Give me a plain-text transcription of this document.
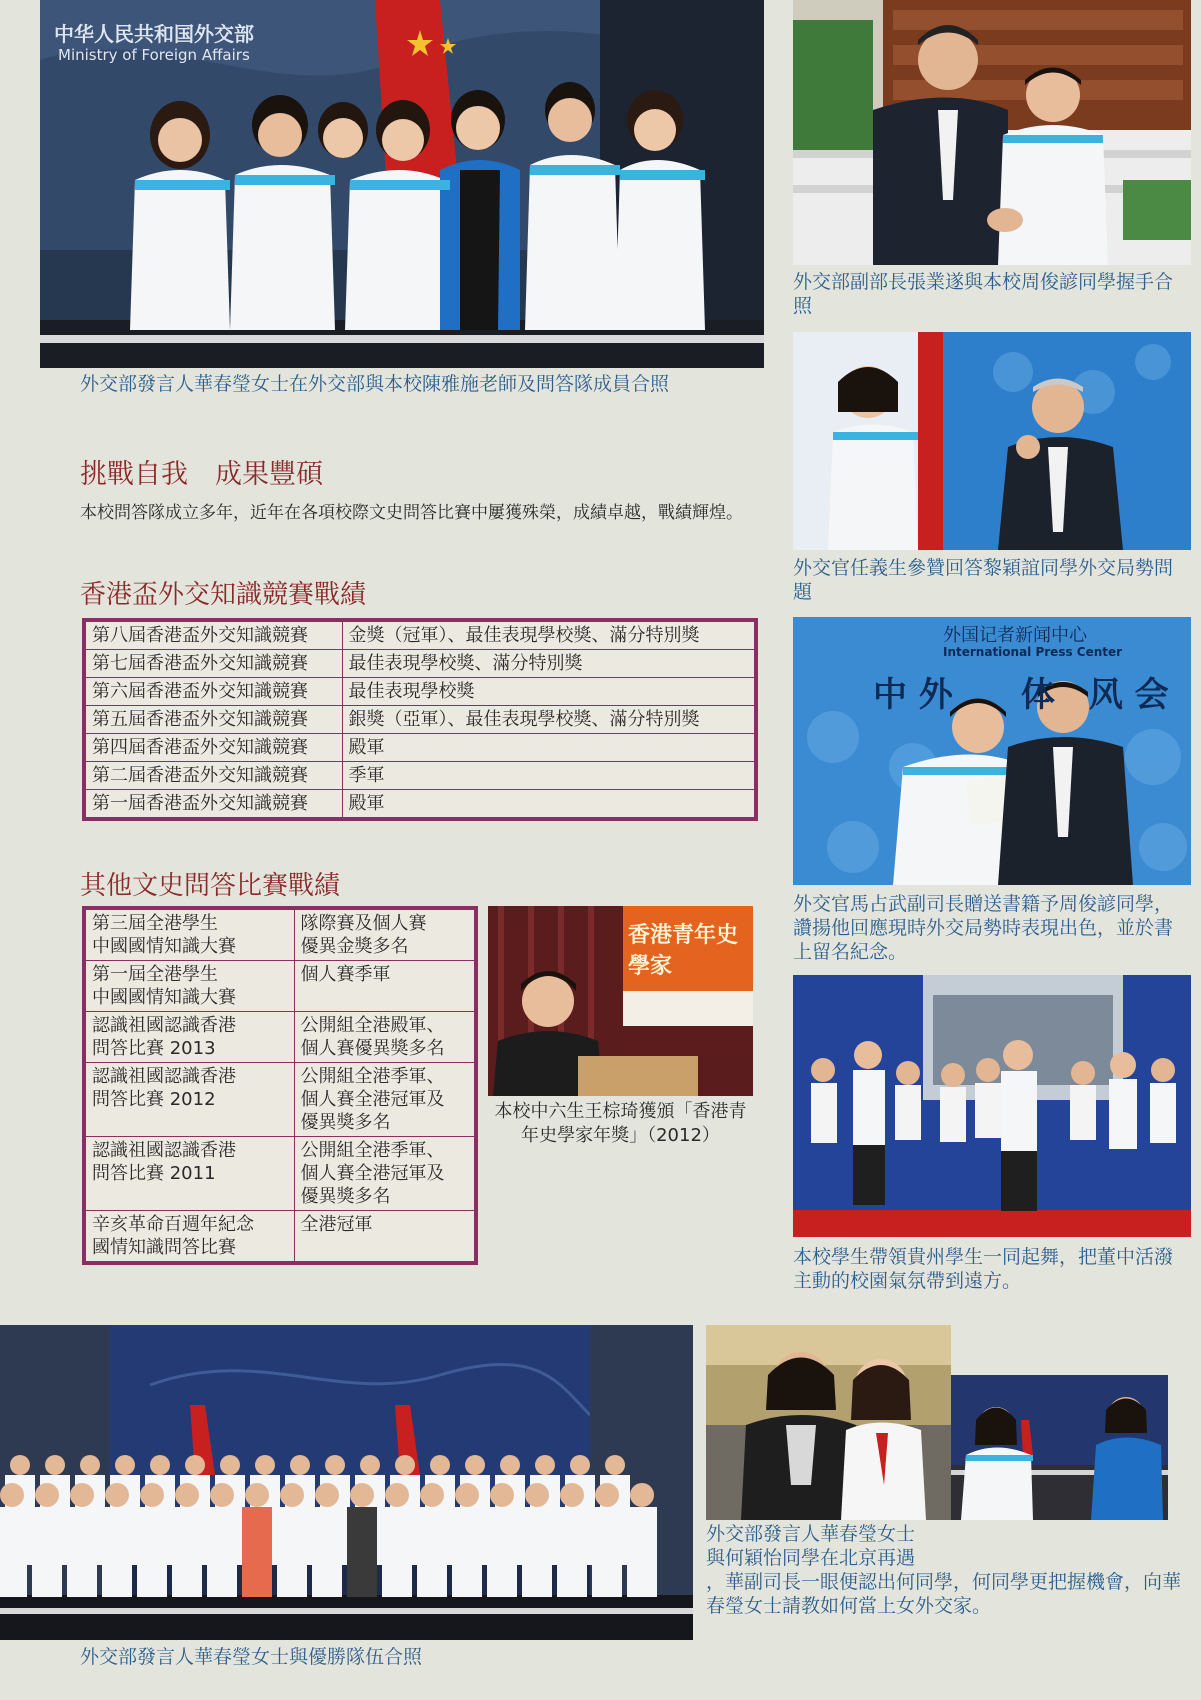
中华人民共和国外交部
Ministry of Foreign Affairs

外交部發言人華春瑩女士在外交部與本校陳雅施老師及問答隊成員合照

外交部副部長張業遂與本校周俊諺同學握手合照

外交官任義生參贊回答黎穎誼同學外交局勢問題

外国记者新闻中心
International Press Center
中 外　　体　风 会

外交官馬占武副司長贈送書籍予周俊諺同學，讚揚他回應現時外交局勢時表現出色，並於書上留名紀念。

本校學生帶領貴州學生一同起舞，把董中活潑主動的校園氣氛帶到遠方。

挑戰自我　成果豐碩

本校問答隊成立多年，近年在各項校際文史問答比賽中屢獲殊榮，成績卓越，戰績輝煌。

香港盃外交知識競賽戰績
第八屆香港盃外交知識競賽	金獎（冠軍）、最佳表現學校獎、滿分特別獎
第七屆香港盃外交知識競賽	最佳表現學校獎、滿分特別獎
第六屆香港盃外交知識競賽	最佳表現學校獎
第五屆香港盃外交知識競賽	銀獎（亞軍）、最佳表現學校獎、滿分特別獎
第四屆香港盃外交知識競賽	殿軍
第二屆香港盃外交知識競賽	季軍
第一屆香港盃外交知識競賽	殿軍
其他文史問答比賽戰績
第三屆全港學生
中國國情知識大賽	隊際賽及個人賽
優異金獎多名
第一屆全港學生
中國國情知識大賽	個人賽季軍
認識祖國認識香港
問答比賽 2013	公開組全港殿軍、
個人賽優異獎多名
認識祖國認識香港
問答比賽 2012	公開組全港季軍、
個人賽全港冠軍及
優異獎多名
認識祖國認識香港
問答比賽 2011	公開組全港季軍、
個人賽全港冠軍及
優異獎多名
辛亥革命百週年紀念
國情知識問答比賽	全港冠軍
香港青年史學家

本校中六生王棕琦獲頒「香港青年史學家年獎」（2012）

外交部發言人華春瑩女士與優勝隊伍合照

外交部發言人華春瑩女士
與何穎怡同學在北京再遇
，華副司長一眼便認出何同學，何同學更把握機會，向華春瑩女士請教如何當上女外交家。
